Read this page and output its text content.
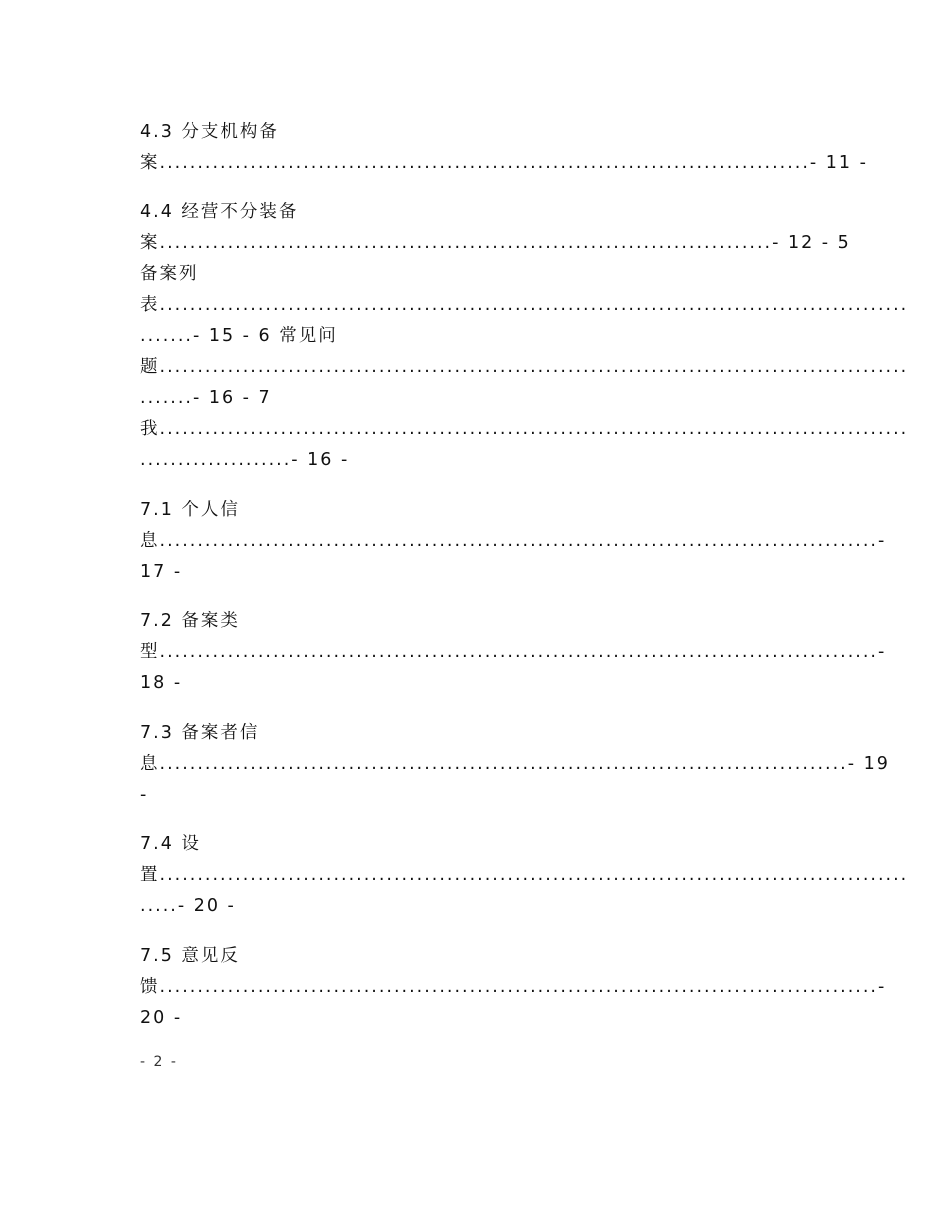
4.3 分支机构备
案......................................................................................- 11 -
4.4 经营不分装备
案.................................................................................- 12 - 5
备案列
表...................................................................................................
.......- 15 - 6 常见问
题...................................................................................................
.......- 16 - 7
我...................................................................................................
....................- 16 -
7.1 个人信
息...............................................................................................-
17 -
7.2 备案类
型...............................................................................................-
18 -
7.3 备案者信
息...........................................................................................- 19
-
7.4 设
置...................................................................................................
.....- 20 -
7.5 意见反
馈...............................................................................................-
20 -
- 2 -
